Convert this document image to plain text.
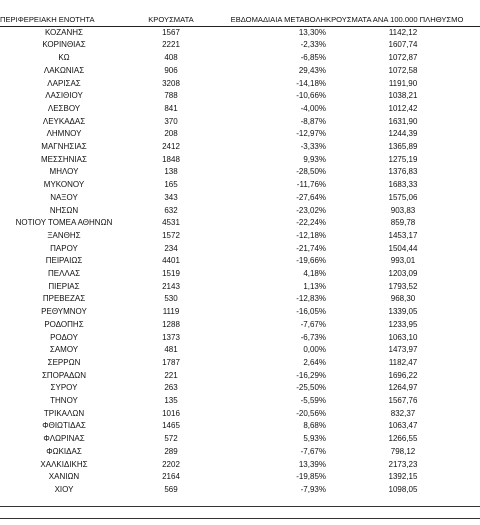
ΠΕΡΙΦΕΡΕΙΑΚΗ ΕΝΟΤΗΤΑ	ΚΡΟΥΣΜΑΤΑ	ΕΒΔΟΜΑΔΙΑΙΑ ΜΕΤΑΒΟΛΗ	ΚΡΟΥΣΜΑΤΑ ΑΝΑ 100.000 ΠΛΗΘΥΣΜΟ
ΚΟΖΑΝΗΣ	1567	13,30%	1142,12
ΚΟΡΙΝΘΙΑΣ	2221	-2,33%	1607,74
ΚΩ	408	-6,85%	1072,87
ΛΑΚΩΝΙΑΣ	906	29,43%	1072,58
ΛΑΡΙΣΑΣ	3208	-14,18%	1191,90
ΛΑΣΙΘΙΟΥ	788	-10,66%	1038,21
ΛΕΣΒΟΥ	841	-4,00%	1012,42
ΛΕΥΚΑΔΑΣ	370	-8,87%	1631,90
ΛΗΜΝΟΥ	208	-12,97%	1244,39
ΜΑΓΝΗΣΙΑΣ	2412	-3,33%	1365,89
ΜΕΣΣΗΝΙΑΣ	1848	9,93%	1275,19
ΜΗΛΟΥ	138	-28,50%	1376,83
ΜΥΚΟΝΟΥ	165	-11,76%	1683,33
ΝΑΞΟΥ	343	-27,64%	1575,06
ΝΗΣΩΝ	632	-23,02%	903,83
ΝΟΤΙΟΥ ΤΟΜΕΑ ΑΘΗΝΩΝ	4531	-22,24%	859,78
ΞΑΝΘΗΣ	1572	-12,18%	1453,17
ΠΑΡΟΥ	234	-21,74%	1504,44
ΠΕΙΡΑΙΩΣ	4401	-19,66%	993,01
ΠΕΛΛΑΣ	1519	4,18%	1203,09
ΠΙΕΡΙΑΣ	2143	1,13%	1793,52
ΠΡΕΒΕΖΑΣ	530	-12,83%	968,30
ΡΕΘΥΜΝΟΥ	1119	-16,05%	1339,05
ΡΟΔΟΠΗΣ	1288	-7,67%	1233,95
ΡΟΔΟΥ	1373	-6,73%	1063,10
ΣΑΜΟΥ	481	0,00%	1473,97
ΣΕΡΡΩΝ	1787	2,64%	1182,47
ΣΠΟΡΑΔΩΝ	221	-16,29%	1696,22
ΣΥΡΟΥ	263	-25,50%	1264,97
ΤΗΝΟΥ	135	-5,59%	1567,76
ΤΡΙΚΑΛΩΝ	1016	-20,56%	832,37
ΦΘΙΩΤΙΔΑΣ	1465	8,68%	1063,47
ΦΛΩΡΙΝΑΣ	572	5,93%	1266,55
ΦΩΚΙΔΑΣ	289	-7,67%	798,12
ΧΑΛΚΙΔΙΚΗΣ	2202	13,39%	2173,23
ΧΑΝΙΩΝ	2164	-19,85%	1392,15
ΧΙΟΥ	569	-7,93%	1098,05
